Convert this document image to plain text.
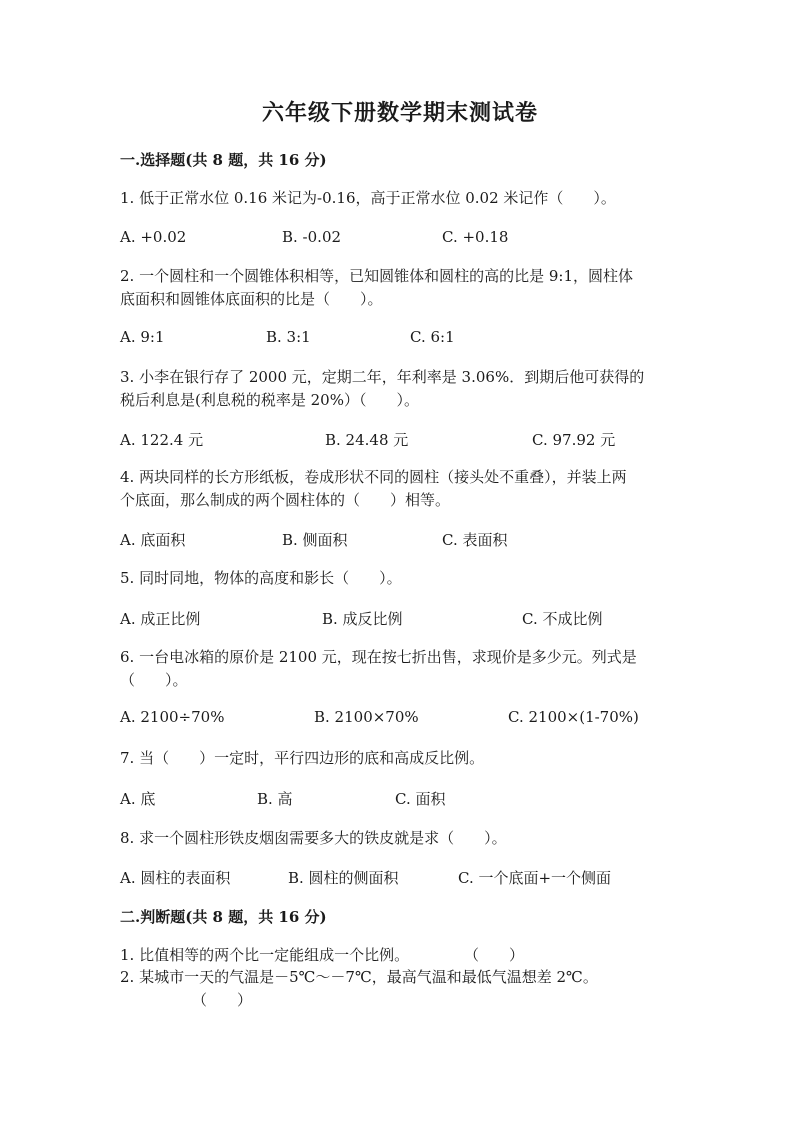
六年级下册数学期末测试卷
一.选择题(共 8 题，共 16 分)
1. 低于正常水位 0.16 米记为-0.16，高于正常水位 0.02 米记作（　　）。
A. +0.02	B. -0.02	C. +0.18
2. 一个圆柱和一个圆锥体积相等，已知圆锥体和圆柱的高的比是 9:1，圆柱体
底面积和圆锥体底面积的比是（　　）。
A. 9:1	B. 3:1	C. 6:1
3. 小李在银行存了 2000 元，定期二年，年利率是 3.06%．到期后他可获得的
税后利息是(利息税的税率是 20%）（　　）。
A. 122.4 元	B. 24.48 元	C. 97.92 元
4. 两块同样的长方形纸板，卷成形状不同的圆柱（接头处不重叠），并装上两
个底面，那么制成的两个圆柱体的（　　）相等。
A. 底面积	B. 侧面积	C. 表面积
5. 同时同地，物体的高度和影长（　　）。
A. 成正比例	B. 成反比例	C. 不成比例
6. 一台电冰箱的原价是 2100 元，现在按七折出售，求现价是多少元。列式是
（　　）。
A. 2100÷70%	B. 2100×70%	C. 2100×(1-70%)
7. 当（　　）一定时，平行四边形的底和高成反比例。
A. 底	B. 高	C. 面积
8. 求一个圆柱形铁皮烟囱需要多大的铁皮就是求（　　）。
A. 圆柱的表面积	B. 圆柱的侧面积	C. 一个底面+一个侧面
二.判断题(共 8 题，共 16 分)
1. 比值相等的两个比一定能组成一个比例。	（　　）
2. 某城市一天的气温是－5℃～－7℃，最高气温和最低气温想差 2℃。
（　　）
